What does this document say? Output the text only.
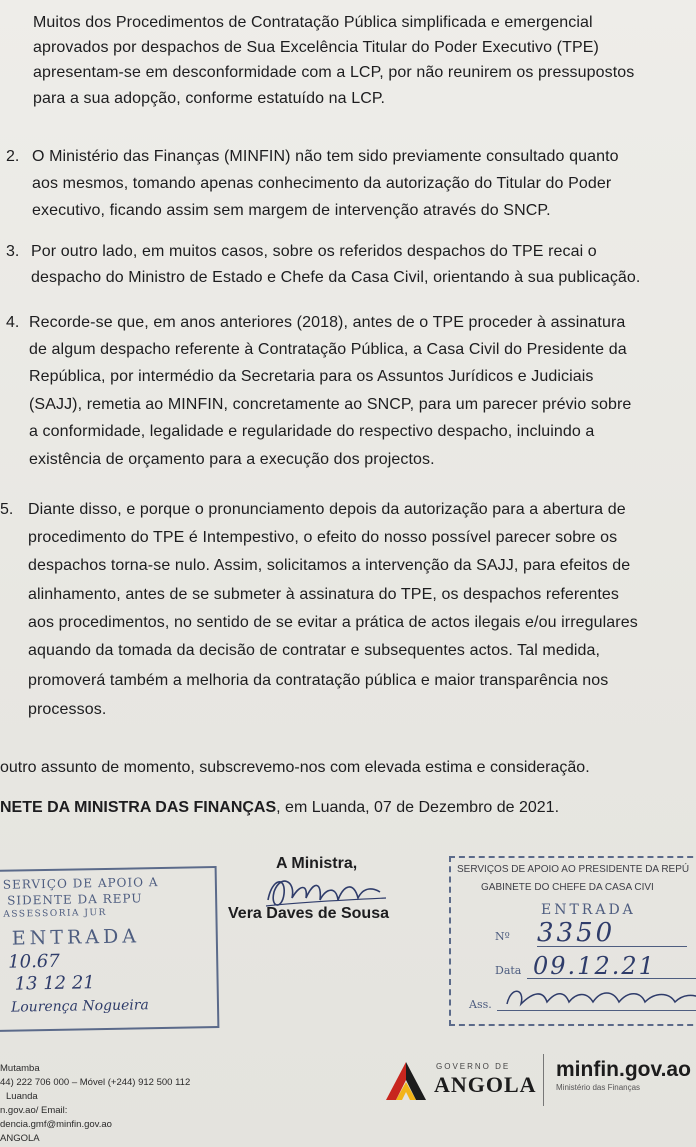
Muitos dos Procedimentos de Contratação Pública simplificada e emergencial
aprovados por despachos de Sua Excelência Titular do Poder Executivo (TPE)
apresentam-se em desconformidade com a LCP, por não reunirem os pressupostos
para a sua adopção, conforme estatuído na LCP.
2. O Ministério das Finanças (MINFIN) não tem sido previamente consultado quanto
aos mesmos, tomando apenas conhecimento da autorização do Titular do Poder
executivo, ficando assim sem margem de intervenção através do SNCP.
3. Por outro lado, em muitos casos, sobre os referidos despachos do TPE recai o
despacho do Ministro de Estado e Chefe da Casa Civil, orientando à sua publicação.
4. Recorde-se que, em anos anteriores (2018), antes de o TPE proceder à assinatura
de algum despacho referente à Contratação Pública, a Casa Civil do Presidente da
República, por intermédio da Secretaria para os Assuntos Jurídicos e Judiciais
(SAJJ), remetia ao MINFIN, concretamente ao SNCP, para um parecer prévio sobre
a conformidade, legalidade e regularidade do respectivo despacho, incluindo a
existência de orçamento para a execução dos projectos.
5. Diante disso, e porque o pronunciamento depois da autorização para a abertura de
procedimento do TPE é Intempestivo, o efeito do nosso possível parecer sobre os
despachos torna-se nulo. Assim, solicitamos a intervenção da SAJJ, para efeitos de
alinhamento, antes de se submeter à assinatura do TPE, os despachos referentes
aos procedimentos, no sentido de se evitar a prática de actos ilegais e/ou irregulares
aquando da tomada da decisão de contratar e subsequentes actos. Tal medida,
promoverá também a melhoria da contratação pública e maior transparência nos
processos.
outro assunto de momento, subscrevemo-nos com elevada estima e consideração.
NETE DA MINISTRA DAS FINANÇAS, em Luanda, 07 de Dezembro de 2021.
SERVIÇO DE APOIO A
SIDENTE DA REPU
ASSESSORIA JUR
ENTRADA
10.67
13 12 21
Lourença Nogueira
A Ministra,
Vera Daves de Sousa
SERVIÇOS DE APOIO AO PRESIDENTE DA REPÚ
GABINETE DO CHEFE DA CASA CIVI
ENTRADA
Nº 3350
Data 09.12.21
Ass.
Mutamba
44) 222 706 000 – Móvel (+244) 912 500 112
Luanda
n.gov.ao/ Email:
dencia.gmf@minfin.gov.ao
ANGOLA
GOVERNO DE
ANGOLA
minfin.gov.ao
Ministério das Finanças
